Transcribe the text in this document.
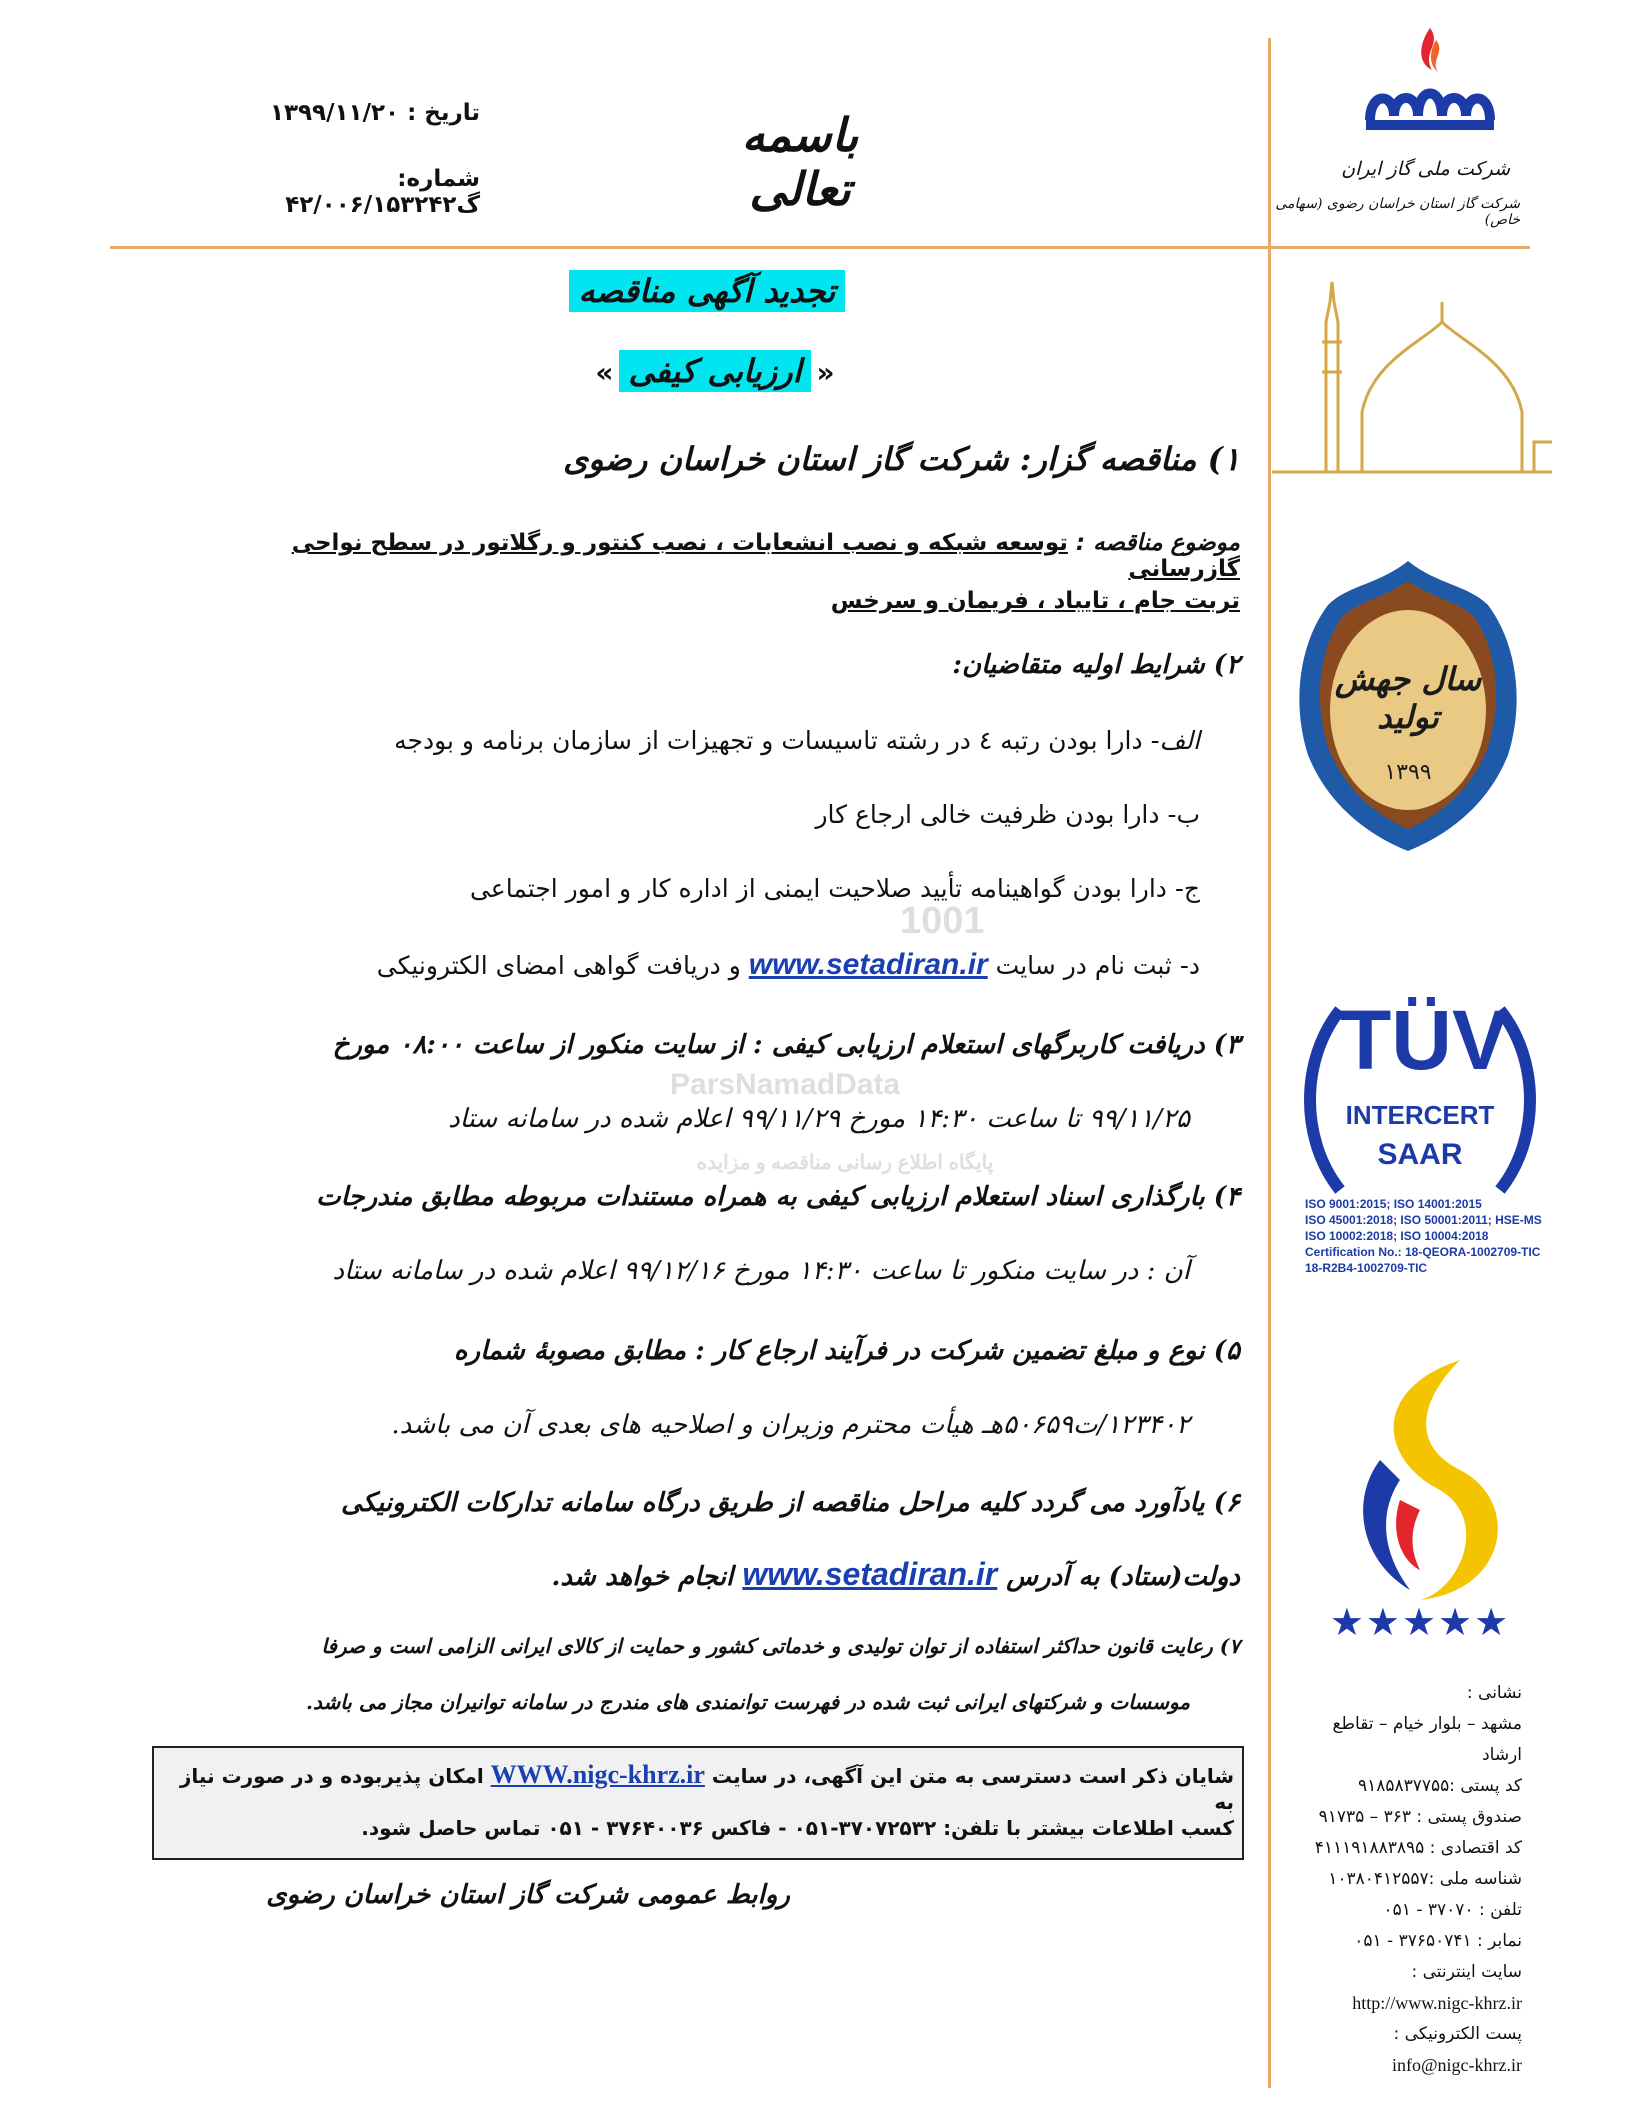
باسمه تعالی
تاریخ : ۱۳۹۹/۱۱/۲۰
شماره: گ۴۲/۰۰۶/۱۵۳۲۴۲
شرکت ملی گاز ایران
شرکت گاز استان خراسان رضوی (سهامی خاص)
سال جهش تولید
۱۳۹۹
TÜV
INTERCERT
SAAR
ISO 9001:2015; ISO 14001:2015
ISO 45001:2018; ISO 50001:2011; HSE-MS
ISO 10002:2018; ISO 10004:2018
Certification No.: 18-QEORA-1002709-TIC
18-R2B4-1002709-TIC
★★★★★
1001
ParsNamadData
پایگاه اطلاع رسانی مناقصه و مزایده
تجدید آگهی مناقصه
« ارزیابی کیفی »
۱) مناقصه گزار: شرکت گاز استان خراسان رضوی
موضوع مناقصه : توسعه شبکه و نصب انشعابات ، نصب کنتور و رگلاتور در سطح نواحی گازرسانی
تربت جام ، تایباد ، فریمان و سرخس
۲) شرایط اولیه متقاضیان:
الف- دارا بودن رتبه ٤ در رشته تاسیسات و تجهیزات از سازمان برنامه و بودجه
ب- دارا بودن ظرفیت خالی ارجاع کار
ج- دارا بودن گواهینامه تأیید صلاحیت ایمنی از اداره کار و امور اجتماعی
د- ثبت نام در سایت www.setadiran.ir و دریافت گواهی امضای الکترونیکی
۳) دریافت کاربرگهای استعلام ارزیابی کیفی : از سایت منکور از ساعت ۰۸:۰۰ مورخ
۹۹/۱۱/۲۵ تا ساعت ۱۴:۳۰ مورخ ۹۹/۱۱/۲۹ اعلام شده در سامانه ستاد
۴) بارگذاری اسناد استعلام ارزیابی کیفی به همراه مستندات مربوطه مطابق مندرجات
آن : در سایت منکور تا ساعت ۱۴:۳۰ مورخ ۹۹/۱۲/۱۶ اعلام شده در سامانه ستاد
۵) نوع و مبلغ تضمین شرکت در فرآیند ارجاع کار : مطابق مصوبهٔ شماره
۱۲۳۴۰۲/ت۵۰۶۵۹هـ هیأت محترم وزیران و اصلاحیه های بعدی آن می باشد.
۶) یادآورد می گردد کلیه مراحل مناقصه از طریق درگاه سامانه تدارکات الکترونیکی
دولت(ستاد) به آدرس www.setadiran.ir انجام خواهد شد.
۷) رعایت قانون حداکثر استفاده از توان تولیدی و خدماتی کشور و حمایت از کالای ایرانی الزامی است و صرفا
موسسات و شرکتهای ایرانی ثبت شده در فهرست توانمندی های مندرج در سامانه توانیران مجاز می باشد.
شایان ذکر است دسترسی به متن این آگهی، در سایت WWW.nigc-khrz.ir امکان پذیربوده و در صورت نیاز به
کسب اطلاعات بیشتر با تلفن: ۳۷۰۷۲۵۳۲-۰۵۱ - فاکس ۳۷۶۴۰۰۳۶ - ۰۵۱ تماس حاصل شود.
روابط عمومی شرکت گاز استان خراسان رضوی
نشانی :
مشهد – بلوار خیام – تقاطع ارشاد
کد پستی :۹۱۸۵۸۳۷۷۵۵
صندوق پستی : ۳۶۳ – ۹۱۷۳۵
کد اقتصادی : ۴۱۱۱۹۱۸۸۳۸۹۵
شناسه ملی :۱۰۳۸۰۴۱۲۵۵۷
تلفن : ۳۷۰۷۰ - ۰۵۱
نمابر : ۳۷۶۵۰۷۴۱ - ۰۵۱
سایت اینترنتی :
http://www.nigc-khrz.ir
پست الکترونیکی :
info@nigc-khrz.ir
